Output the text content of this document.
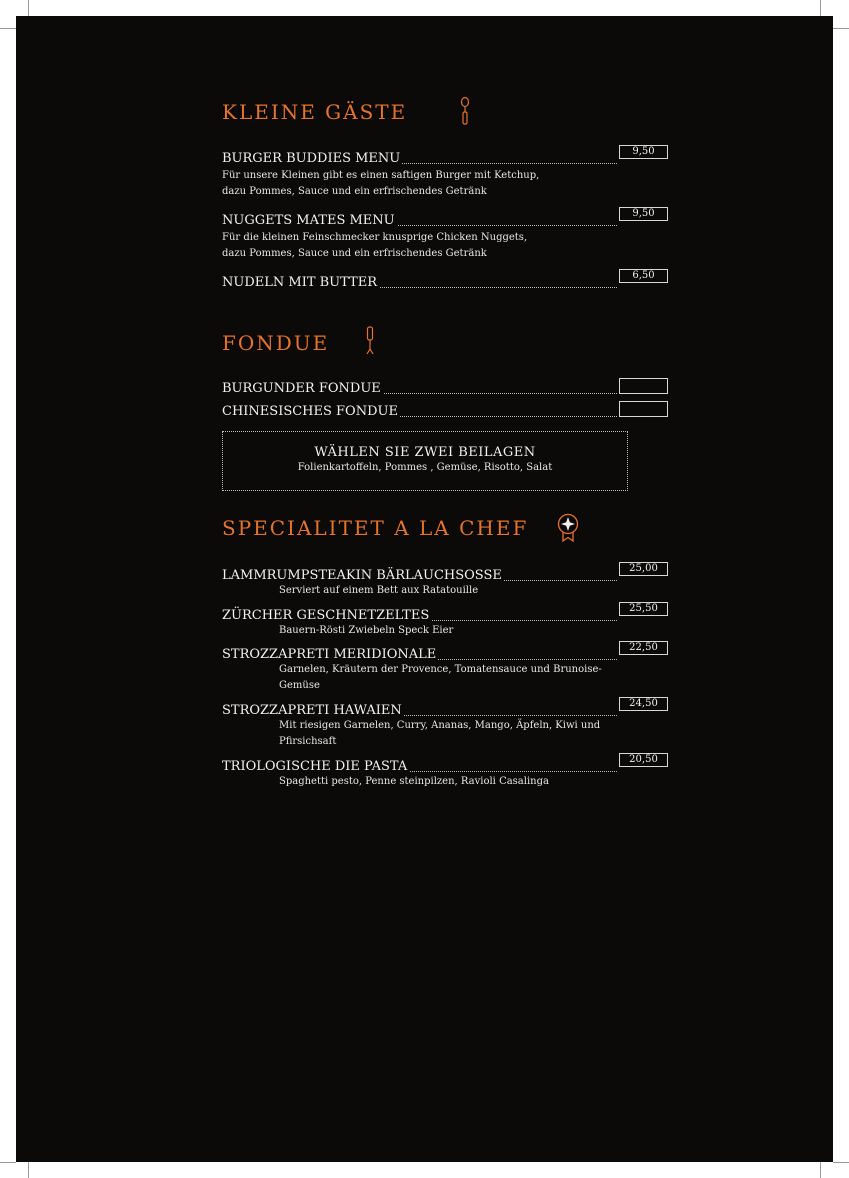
KLEINE GÄSTE
BURGER BUDDIES MENU	9,50
Für unsere Kleinen gibt es einen saftigen Burger mit Ketchup,
dazu Pommes, Sauce und ein erfrischendes Getränk
NUGGETS MATES MENU	9,50
Für die kleinen Feinschmecker knusprige Chicken Nuggets,
dazu Pommes, Sauce und ein erfrischendes Getränk
NUDELN MIT BUTTER	6,50
FONDUE
BURGUNDER FONDUE
CHINESISCHES FONDUE
WÄHLEN SIE ZWEI BEILAGEN
Folienkartoffeln, Pommes , Gemüse, Risotto, Salat
SPECIALITET A LA CHEF
LAMMRUMPSTEAKIN BÄRLAUCHSOSSE	25,00
Serviert auf einem Bett aux Ratatouille
ZÜRCHER GESCHNETZELTES	25,50
Bauern-Rösti Zwiebeln Speck Eier
STROZZAPRETI MERIDIONALE	22,50
Garnelen, Kräutern der Provence, Tomatensauce und Brunoise-Gemüse
STROZZAPRETI HAWAIEN	24,50
Mit riesigen Garnelen, Curry, Ananas, Mango, Äpfeln, Kiwi und Pfirsichsaft
TRIOLOGISCHE DIE PASTA	20,50
Spaghetti pesto, Penne steinpilzen, Ravioli Casalinga
